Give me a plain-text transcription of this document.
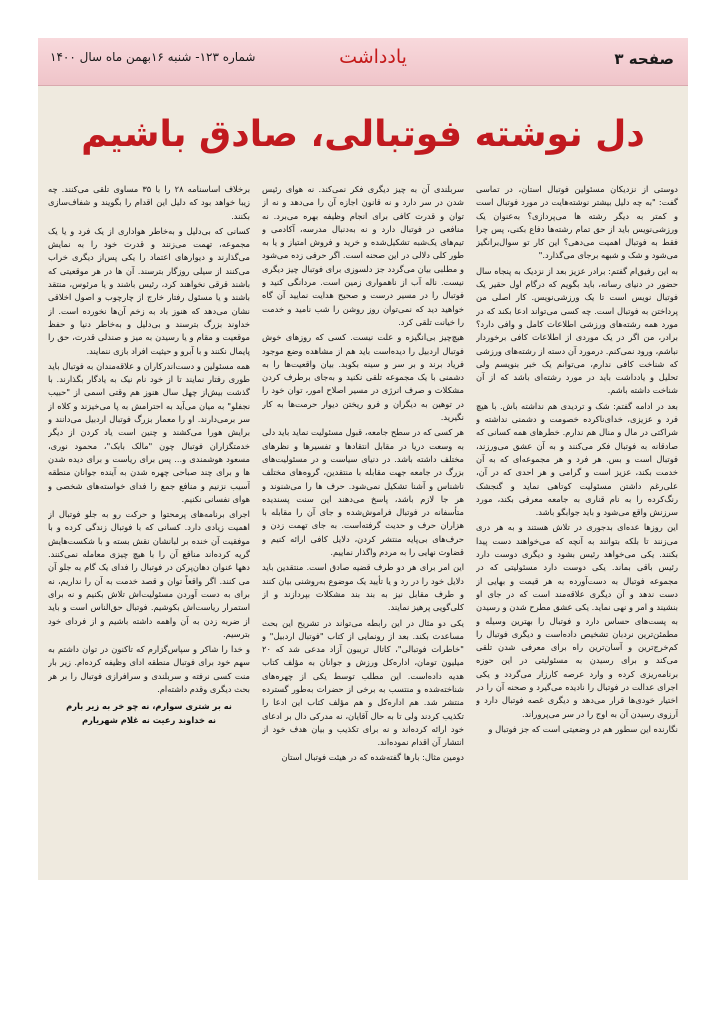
صفحه ۳
یادداشت
شماره ۱۲۳- شنبه ۱۶بهمن ماه سال ۱۴۰۰
دل نوشته فوتبالی، صادق باشیم

دوستی از نزدیکان مسئولین فوتبال استان، در تماسی گفت: "به چه دلیل بیشتر نوشته‌هایت در مورد فوتبال است و کمتر به دیگر رشته ها می‌پردازی؟ به‌عنوان یک ورزشی‌نویس باید از حق تمام رشته‌ها دفاع بکنی، پس چرا فقط به فوتبال اهمیت می‌دهی؟ این کار تو سوال‌برانگیز می‌شود و شک و شبهه برجای می‌گذارد."

به این رفیق‌ام گفتم: برادر عزیز بعد از نزدیک به پنجاه سال حضور در دنیای رسانه، باید بگویم که درگام اول حقیر یک فوتبال نویس است تا یک ورزشی‌نویس. کار اصلی من پرداختن به فوتبال است. چه کسی می‌تواند ادعا بکند که در مورد همه رشته‌های ورزشی اطلاعات کامل و وافی دارد؟ برادر، من اگر در یک موردی از اطلاعات کافی برخوردار نباشم، ورود نمی‌کنم. درمورد آن دسته از رشته‌های ورزشی که شناخت کافی ندارم، می‌توانم یک خبر بنویسم ولی تحلیل و یادداشت باید در مورد رشته‌ای باشد که از آن شناخت داشته باشم.

بعد در ادامه گفتم: شک و تردیدی هم نداشته باش. با هیچ فرد و عزیزی، خدای‌ناکرده خصومت و دشمنی نداشته و شراکتی در مال و منال هم ندارم. خطرهای همه کسانی که صادقانه به فوتبال فکر می‌کنند و به آن عشق می‌ورزند، فوتبال است و بس. هر فرد و هر مجموعه‌ای که به آن خدمت بکند، عزیز است و گرامی و هر احدی که در آن، علی‌رغم داشتن مسئولیت کوتاهی نماید و گنجشک رنگ‌کرده را به نام قناری به جامعه معرفی بکند، مورد سرزنش واقع می‌شود و باید جوابگو باشد.

این روزها عده‌ای بدجوری در تلاش هستند و به هر دری می‌زنند تا بلکه بتوانند به آنچه که می‌خواهند دست پیدا بکنند. یکی می‌خواهد رئیس بشود و دیگری دوست دارد رئیس باقی بماند. یکی دوست دارد مسئولیتی که در مجموعه فوتبال به دست‌آورده به هر قیمت و بهایی از دست ندهد و آن دیگری علاقه‌مند است که در جای او بنشیند و امر و نهی نماید. یکی عشق مطرح شدن و رسیدن به پست‌های حساس دارد و فوتبال را بهترین وسیله و مطمئن‌ترین نردبان تشخیص داده‌است و دیگری فوتبال را کم‌خرج‌ترین و آسان‌ترین راه برای معرفی شدن تلقی می‌کند و برای رسیدن به مسئولیتی در این حوزه برنامه‌ریزی کرده و وارد عرصه کارزار می‌گردد و یکی اجرای عدالت در فوتبال را نادیده می‌گیرد و صحنه آن را در اختیار خودی‌ها قرار می‌دهد و دیگری غصه فوتبال دارد و آرزوی رسیدن آن به اوج را در سر می‌پروراند.

نگارنده این سطور هم در وضعیتی است که جز فوتبال و

سربلندی آن به چیز دیگری فکر نمی‌کند. نه هوای رئیس شدن در سر دارد و نه قانون اجازه آن را می‌دهد و نه از توان و قدرت کافی برای انجام وظیفه بهره می‌برد. نه منافعی در فوتبال دارد و نه به‌دنبال مدرسه، آکادمی و تیم‌های یک‌شبه تشکیل‌شده و خرید و فروش امتیاز و یا به طور کلی دلالی در این صحنه است. اگر حرفی زده می‌شود و مطلبی بیان می‌گردد جز دلسوزی برای فوتبال چیز دیگری نیست. ناله آب از ناهمواری زمین است. مردانگی کنید و فوتبال را در مسیر درست و صحیح هدایت نمایید آن گاه خواهید دید که نمی‌توان روز روشن را شب نامید و خدمت را خیانت تلقی کرد.

هیچ‌چیز بی‌انگیزه و علت نیست. کسی که روزهای خوش فوتبال اردبیل را دیده‌است باید هم از مشاهده وضع موجود فریاد برند و بر سر و سینه بکوبد. بیان واقعیت‌ها را به دشمنی با یک مجموعه تلقی نکنید و به‌جای برطرف کردن مشکلات و صرف انرژی در مسیر اصلاح امور، توان خود را در توهین به دیگران و فرو ریختن دیوار حرمت‌ها به کار نگیرید.

هر کسی که در سطح جامعه، قبول مسئولیت نماید باید دلی به وسعت دریا در مقابل انتقادها و تفسیرها و نظرهای مختلف داشته باشد. در دنیای سیاست و در مسئولیت‌های بزرگ در جامعه جهت مقابله با منتقدین، گروه‌های مختلف ناشناس و آشنا تشکیل نمی‌شود. حرف ها را می‌شنوند و هر جا لازم باشد، پاسخ می‌دهند این سنت پسندیده متأسفانه در فوتبال فراموش‌شده و جای آن را مقابله با هزاران حرف و حدیث گرفته‌است. به جای تهمت زدن و حرف‌های بی‌پایه منتشر کردن، دلایل کافی ارائه کنیم و قضاوت نهایی را به مردم واگذار نماییم.

این امر برای هر دو طرف قضیه صادق است. منتقدین باید دلایل خود را در رد و یا تأیید یک موضوع به‌روشنی بیان کنند و طرف مقابل نیز به بند بند مشکلات بپردازند و از کلی‌گویی پرهیز نمایند.

یکی دو مثال در این رابطه می‌تواند در تشریح این بحث مساعدت بکند. بعد از رونمایی از کتاب "فوتبال اردبیل" و "خاطرات فوتبالی"، کاتال تریبون آزاد مدعی شد که ۲۰ میلیون تومان، اداره‌کل ورزش و جوانان به مؤلف کتاب هدیه داده‌است. این مطلب توسط یکی از چهره‌های شناخته‌شده و منتسب به برخی از حضرات به‌طور گسترده منتشر شد. هم اداره‌کل و هم مؤلف کتاب این ادعا را تکذیب کردند ولی تا به حال آقایان، نه مدرکی دال بر ادعای خود ارائه کرده‌اند و نه برای تکذیب و بیان هدف خود از انتشار آن اقدام نموده‌اند.

دومین مثال: بارها گفته‌شده که در هیئت فوتبال استان

برخلاف اساسنامه ۲۸ را با ۳۵ مساوی تلقی می‌کنند. چه زیبا خواهد بود که دلیل این اقدام را بگویند و شفاف‌سازی بکنند.

کسانی که بی‌دلیل و به‌خاطر هواداری از یک فرد و یا یک مجموعه، تهمت می‌زنند و قدرت خود را به نمایش می‌گذارند و دیوارهای اعتماد را یکی پس‌از دیگری خراب می‌کنند از سیلی روزگار بترسند. آن ها در هر موقعیتی که باشند قرقی نخواهند کرد، رئیس باشند و یا مرئوس، منتقد باشند و یا مسئول رفتار خارج از چارچوب و اصول اخلاقی نشان می‌دهد که هنوز باد به زخم آن‌ها نخورده است. از خداوند بزرگ بترسند و بی‌دلیل و به‌خاطر دنیا و حفظ موقعیت و مقام و یا رسیدن به میز و صندلی قدرت، حق را پایمال نکنند و با آبرو و حیثیت افراد بازی ننمایند.

همه مسئولین و دست‌اندرکاران و علاقه‌مندان به فوتبال باید طوری رفتار نمایند تا از خود نام نیک به یادگار بگذارند. با گذشت بیش‌از چهل سال هنوز هم وقتی اسمی از "حبیب نجفلو" به میان می‌آید به احترامش به پا می‌خیزند و کلاه از سر برمی‌دارند. او را معمار بزرگ فوتبال اردبیل می‌دانند و برایش هورا می‌کشند و چنین است یاد کردن از دیگر خدمتگزاران فوتبال چون "مالک بابک"، محمود نوری، مسعود هوشمندی و... پس برای ریاست و برای دیده شدن ها و برای چند صباحی چهره شدن به آینده جوانان منطقه آسیب نزنیم و منافع جمع را فدای خواسته‌های شخصی و هوای نفسانی نکنیم.

اجرای برنامه‌های پرمحتوا و حرکت رو به جلو فوتبال از اهمیت زیادی دارد. کسانی که با فوتبال زندگی کرده و با موفقیت آن خنده بر لبانشان نقش بسته و با شکست‌هایش گریه کرده‌اند منافع آن را با هیچ چیزی معامله نمی‌کنند. دهها عنوان دهان‌پرکن در فوتبال را فدای یک گام به جلو آن می کنند. اگر واقعاً توان و قصد خدمت به آن را نداریم، نه برای به دست آوردن مسئولیت‌اش تلاش بکنیم و نه برای استمرار ریاست‌اش بکوشیم. فوتبال حق‌الناس است و باید از ضربه زدن به آن واهمه داشته باشیم و از فردای خود بترسیم.

و خدا را شاکر و سپاس‌گزارم که تاکنون در توان داشتم به سهم خود برای فوتبال منطقه ادای وظیفه کرده‌ام. زیر بار منت کسی نرفته و سربلندی و سرافرازی فوتبال را بر هر بحث دیگری وقدم داشته‌ام.

نه بر شتری سوارم، نه چو خر به زیر بارم
نه خداوند رعیت نه غلام شهریارم
